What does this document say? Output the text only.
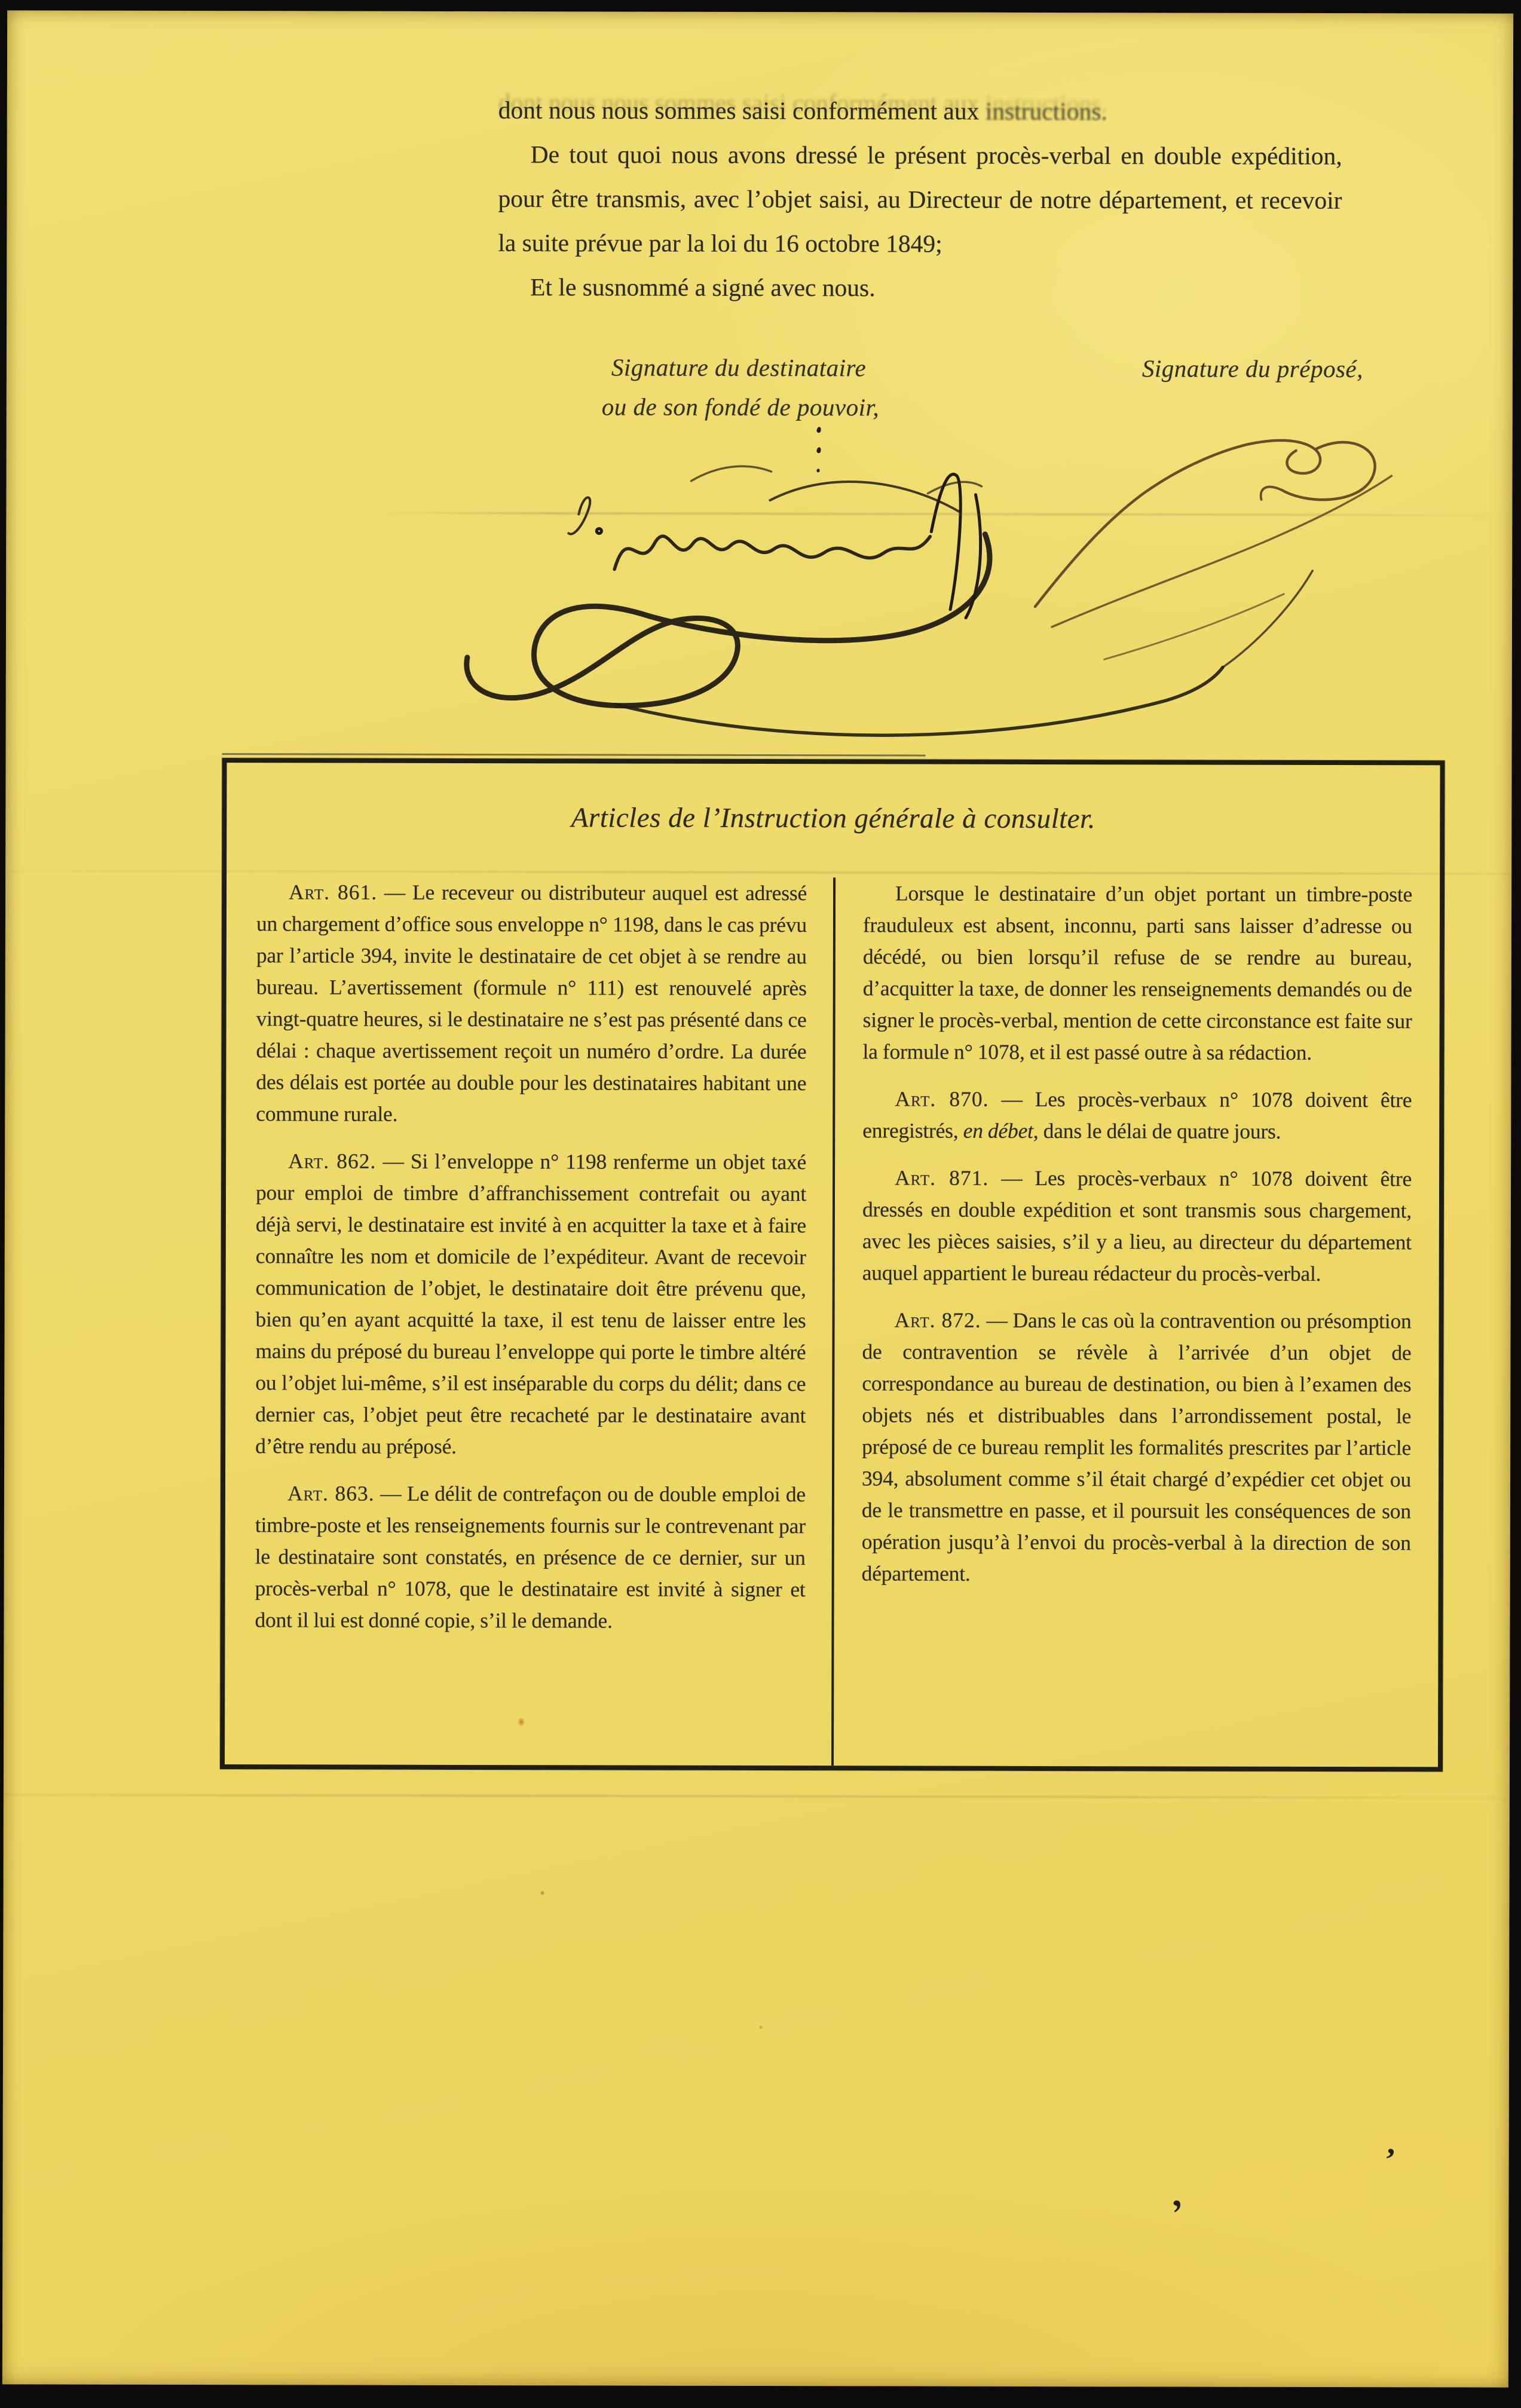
dont nous nous sommes saisi conformément aux instructions.

De tout quoi nous avons dressé le présent procès-verbal en double expédition, pour être transmis, avec l’objet saisi, au Directeur de notre département, et recevoir la suite prévue par la loi du 16 octobre 1849;

Et le susnommé a signé avec nous.

Signature du destinataire
ou de son fondé de pouvoir,
Signature du préposé,
’
’
Articles de l’Instruction générale à consulter.

Art. 861. — Le receveur ou distributeur auquel est adressé un chargement d’office sous enveloppe n° 1198, dans le cas prévu par l’article 394, invite le destinataire de cet objet à se rendre au bureau. L’avertissement (formule n° 111) est renouvelé après vingt-quatre heures, si le destinataire ne s’est pas présenté dans ce délai : chaque avertissement reçoit un numéro d’ordre. La durée des délais est portée au double pour les destinataires habitant une commune rurale.

Art. 862. — Si l’enveloppe n° 1198 renferme un objet taxé pour emploi de timbre d’affranchissement contrefait ou ayant déjà servi, le destinataire est invité à en acquitter la taxe et à faire connaître les nom et domicile de l’expéditeur. Avant de recevoir communication de l’objet, le destinataire doit être prévenu que, bien qu’en ayant acquitté la taxe, il est tenu de laisser entre les mains du préposé du bureau l’enveloppe qui porte le timbre altéré ou l’objet lui-même, s’il est inséparable du corps du délit; dans ce dernier cas, l’objet peut être recacheté par le destinataire avant d’être rendu au préposé.

Art. 863. — Le délit de contrefaçon ou de double emploi de timbre-poste et les renseignements fournis sur le contrevenant par le destinataire sont constatés, en présence de ce dernier, sur un procès-verbal n° 1078, que le destinataire est invité à signer et dont il lui est donné copie, s’il le demande.

Lorsque le destinataire d’un objet portant un timbre-poste frauduleux est absent, inconnu, parti sans laisser d’adresse ou décédé, ou bien lorsqu’il refuse de se rendre au bureau, d’acquitter la taxe, de donner les renseignements demandés ou de signer le procès-verbal, mention de cette circonstance est faite sur la formule n° 1078, et il est passé outre à sa rédaction.

Art. 870. — Les procès-verbaux n° 1078 doivent être enregistrés, en débet, dans le délai de quatre jours.

Art. 871. — Les procès-verbaux n° 1078 doivent être dressés en double expédition et sont transmis sous chargement, avec les pièces saisies, s’il y a lieu, au directeur du département auquel appartient le bureau rédacteur du procès-verbal.

Art. 872. — Dans le cas où la contravention ou présomption de contravention se révèle à l’arrivée d’un objet de correspondance au bureau de destination, ou bien à l’examen des objets nés et distribuables dans l’arrondissement postal, le préposé de ce bureau remplit les formalités prescrites par l’article 394, absolument comme s’il était chargé d’expédier cet objet ou de le transmettre en passe, et il poursuit les conséquences de son opération jusqu’à l’envoi du procès-verbal à la direction de son département.
